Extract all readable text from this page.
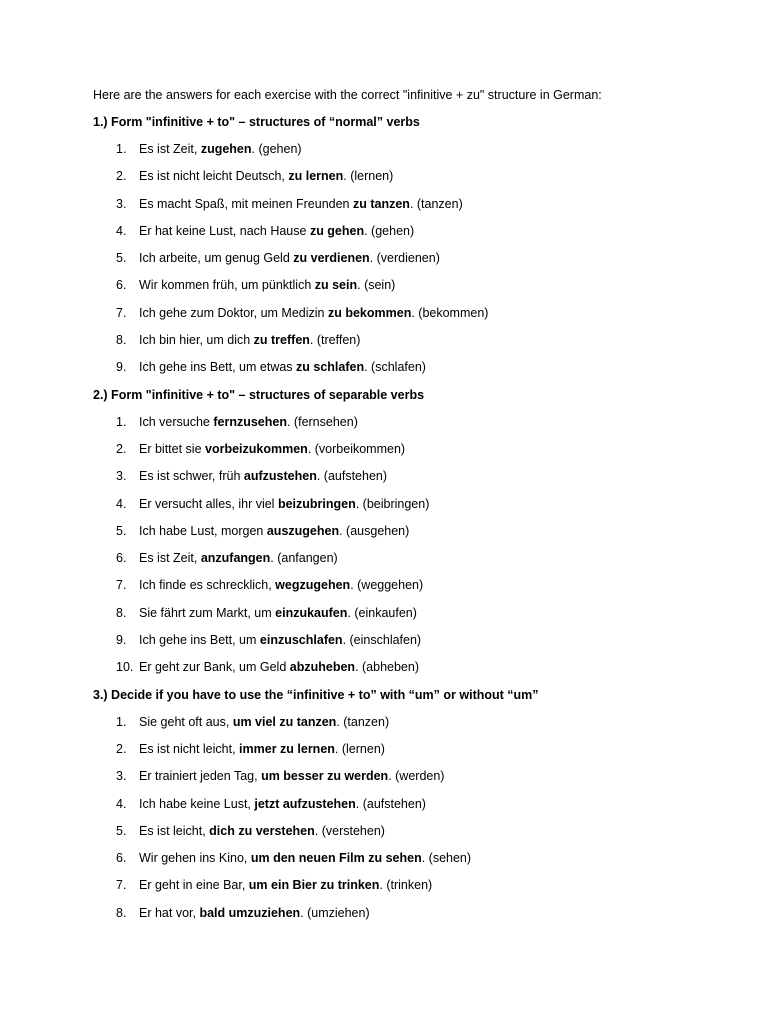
Here are the answers for each exercise with the correct "infinitive + zu" structure in German:

1.) Form "infinitive + to" – structures of “normal” verbs

1.	Es ist Zeit, zugehen. (gehen)
2.	Es ist nicht leicht Deutsch, zu lernen. (lernen)
3.	Es macht Spaß, mit meinen Freunden zu tanzen. (tanzen)
4.	Er hat keine Lust, nach Hause zu gehen. (gehen)
5.	Ich arbeite, um genug Geld zu verdienen. (verdienen)
6.	Wir kommen früh, um pünktlich zu sein. (sein)
7.	Ich gehe zum Doktor, um Medizin zu bekommen. (bekommen)
8.	Ich bin hier, um dich zu treffen. (treffen)
9.	Ich gehe ins Bett, um etwas zu schlafen. (schlafen)

2.) Form "infinitive + to" – structures of separable verbs

1.	Ich versuche fernzusehen. (fernsehen)
2.	Er bittet sie vorbeizukommen. (vorbeikommen)
3.	Es ist schwer, früh aufzustehen. (aufstehen)
4.	Er versucht alles, ihr viel beizubringen. (beibringen)
5.	Ich habe Lust, morgen auszugehen. (ausgehen)
6.	Es ist Zeit, anzufangen. (anfangen)
7.	Ich finde es schrecklich, wegzugehen. (weggehen)
8.	Sie fährt zum Markt, um einzukaufen. (einkaufen)
9.	Ich gehe ins Bett, um einzuschlafen. (einschlafen)
10. Er geht zur Bank, um Geld abzuheben. (abheben)

3.) Decide if you have to use the “infinitive + to” with “um” or without “um”

1.	Sie geht oft aus, um viel zu tanzen. (tanzen)
2.	Es ist nicht leicht, immer zu lernen. (lernen)
3.	Er trainiert jeden Tag, um besser zu werden. (werden)
4.	Ich habe keine Lust, jetzt aufzustehen. (aufstehen)
5.	Es ist leicht, dich zu verstehen. (verstehen)
6.	Wir gehen ins Kino, um den neuen Film zu sehen. (sehen)
7.	Er geht in eine Bar, um ein Bier zu trinken. (trinken)
8.	Er hat vor, bald umzuziehen. (umziehen)
